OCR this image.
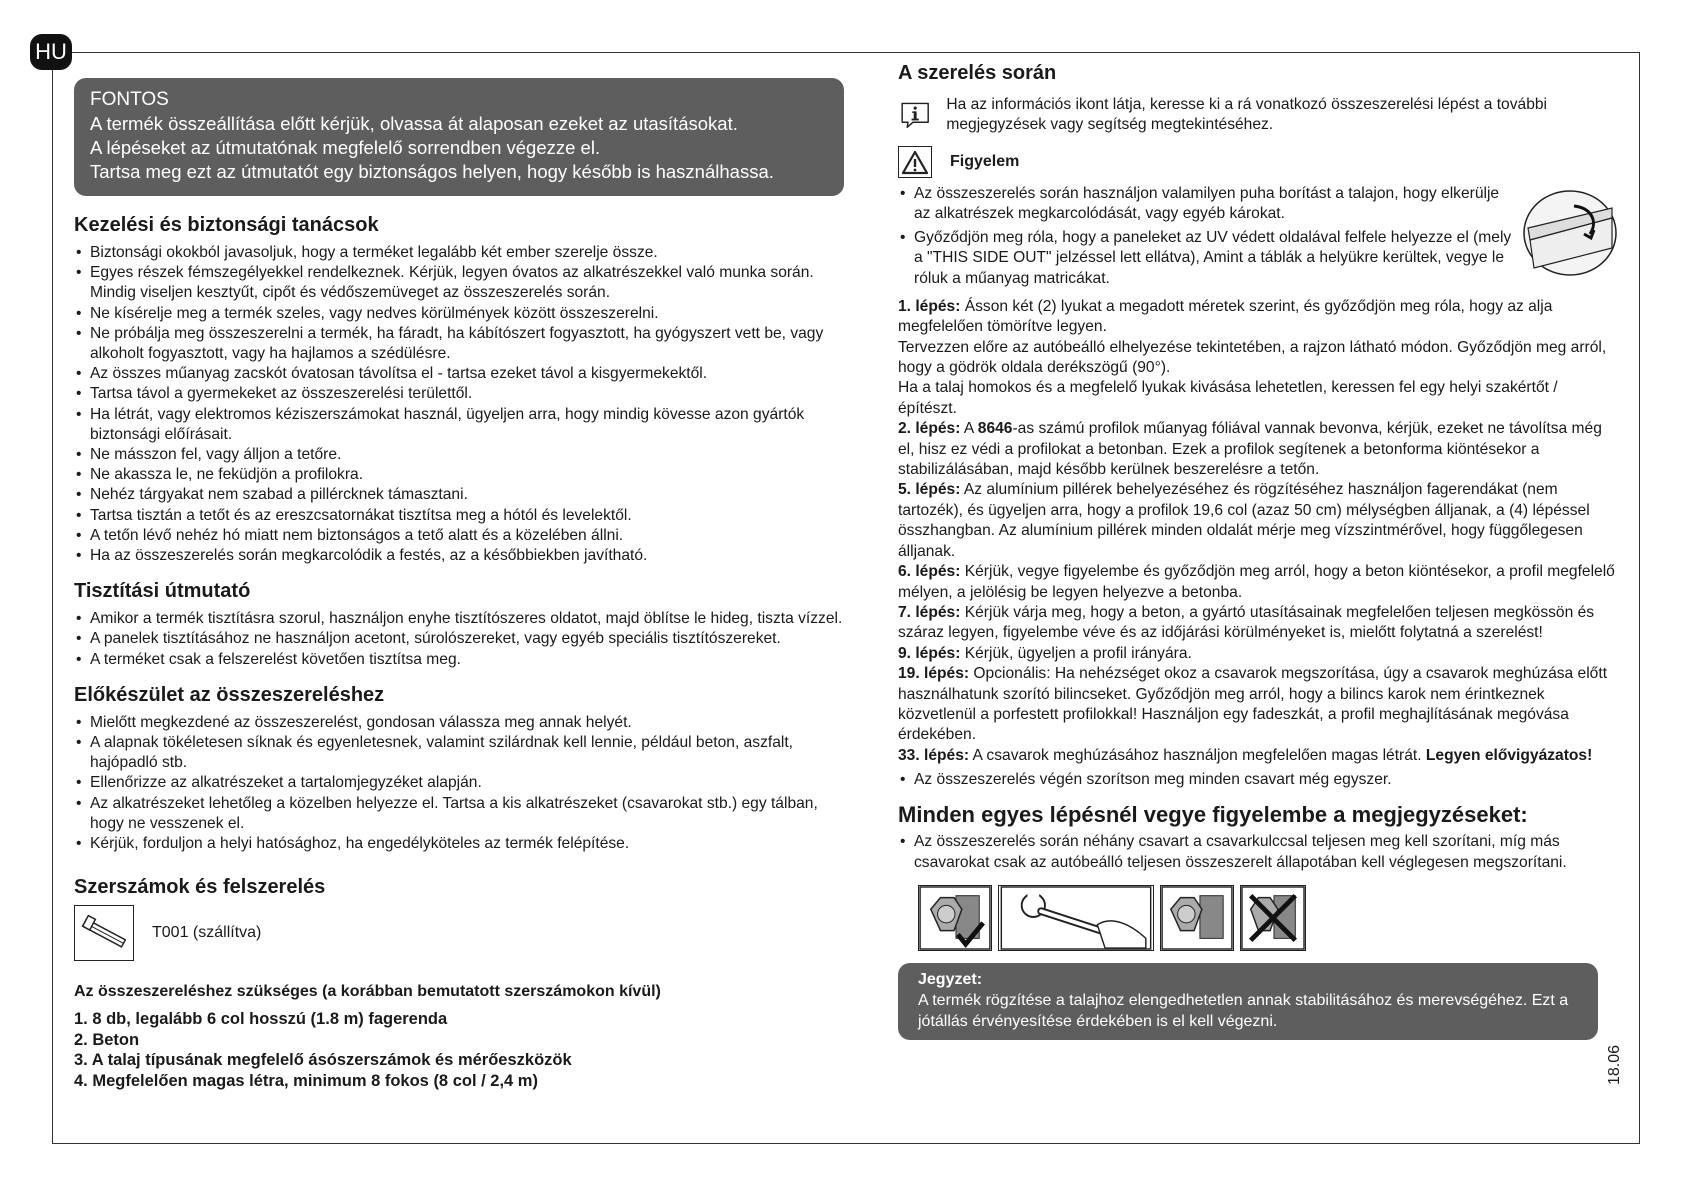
HU
FONTOS
A termék összeállítása előtt kérjük, olvassa át alaposan ezeket az utasításokat.
A lépéseket az útmutatónak megfelelő sorrendben végezze el.
Tartsa meg ezt az útmutatót egy biztonságos helyen, hogy később is használhassa.
Kezelési és biztonsági tanácsok
• Biztonsági okokból javasoljuk, hogy a terméket legalább két ember szerelje össze.
• Egyes részek fémszegélyekkel rendelkeznek. Kérjük, legyen óvatos az alkatrészekkel való munka során. Mindig viseljen kesztyűt, cipőt és védőszemüveget az összeszerelés során.
• Ne kísérelje meg a termék szeles, vagy nedves körülmények között összeszerelni.
• Ne próbálja meg összeszerelni a termék, ha fáradt, ha kábítószert fogyasztott, ha gyógyszert vett be, vagy alkoholt fogyasztott, vagy ha hajlamos a szédülésre.
• Az összes műanyag zacskót óvatosan távolítsa el - tartsa ezeket távol a kisgyermekektől.
• Tartsa távol a gyermekeket az összeszerelési területtől.
• Ha létrát, vagy elektromos kéziszerszámokat használ, ügyeljen arra, hogy mindig kövesse azon gyártók biztonsági előírásait.
• Ne másszon fel, vagy álljon a tetőre.
• Ne akassza le, ne feküdjön a profilokra.
• Nehéz tárgyakat nem szabad a pillércknek támasztani.
• Tartsa tisztán a tetőt és az ereszcsatornákat tisztítsa meg a hótól és levelektől.
• A tetőn lévő nehéz hó miatt nem biztonságos a tető alatt és a közelében állni.
• Ha az összeszerelés során megkarcolódik a festés, az a későbbiekben javítható.
Tisztítási útmutató
• Amikor a termék tisztításra szorul, használjon enyhe tisztítószeres oldatot, majd öblítse le hideg, tiszta vízzel.
• A panelek tisztításához ne használjon acetont, súrolószereket, vagy egyéb speciális tisztítószereket.
• A terméket csak a felszerelést követően tisztítsa meg.
Előkészület az összeszereléshez
• Mielőtt megkezdené az összeszerelést, gondosan válassza meg annak helyét.
• A alapnak tökéletesen síknak és egyenletesnek, valamint szilárdnak kell lennie, például beton, aszfalt, hajópadló stb.
• Ellenőrizze az alkatrészeket a tartalomjegyzéket alapján.
• Az alkatrészeket lehetőleg a közelben helyezze el. Tartsa a kis alkatrészeket (csavarokat stb.) egy tálban, hogy ne vesszenek el.
• Kérjük, forduljon a helyi hatósághoz, ha engedélyköteles az termék felépítése.
Szerszámok és felszerelés
T001 (szállítva)
Az összeszereléshez szükséges (a korábban bemutatott szerszámokon kívül)
1. 8 db, legalább 6 col hosszú (1.8 m) fagerenda
2. Beton
3. A talaj típusának megfelelő ásószerszámok és mérőeszközök
4. Megfelelően magas létra, minimum 8 fokos (8 col / 2,4 m)
A szerelés során
Ha az információs ikont látja, keresse ki a rá vonatkozó összeszerelési lépést a további megjegyzések vagy segítség megtekintéséhez.
Figyelem
• Az összeszerelés során használjon valamilyen puha borítást a talajon, hogy elkerülje az alkatrészek megkarcolódását, vagy egyéb károkat.
• Győződjön meg róla, hogy a paneleket az UV védett oldalával felfele helyezze el (mely a "THIS SIDE OUT" jelzéssel lett ellátva), Amint a táblák a helyükre kerültek, vegye le róluk a műanyag matricákat.

1. lépés: Ásson két (2) lyukat a megadott méretek szerint, és győződjön meg róla, hogy az alja megfelelően tömörítve legyen.

Tervezzen előre az autóbeálló elhelyezése tekintetében, a rajzon látható módon. Győződjön meg arról, hogy a gödrök oldala derékszögű (90°).

Ha a talaj homokos és a megfelelő lyukak kivásása lehetetlen, keressen fel egy helyi szakértőt / építészt.

2. lépés: A 8646-as számú profilok műanyag fóliával vannak bevonva, kérjük, ezeket ne távolítsa még el, hisz ez védi a profilokat a betonban. Ezek a profilok segítenek a betonforma kiöntésekor a stabilizálásában, majd később kerülnek beszerelésre a tetőn.

5. lépés: Az alumínium pillérek behelyezéséhez és rögzítéséhez használjon fagerendákat (nem tartozék), és ügyeljen arra, hogy a profilok 19,6 col (azaz 50 cm) mélységben álljanak, a (4) lépéssel összhangban. Az alumínium pillérek minden oldalát mérje meg vízszintmérővel, hogy függőlegesen álljanak.

6. lépés: Kérjük, vegye figyelembe és győződjön meg arról, hogy a beton kiöntésekor, a profil megfelelő mélyen, a jelölésig be legyen helyezve a betonba.

7. lépés: Kérjük várja meg, hogy a beton, a gyártó utasításainak megfelelően teljesen megkössön és száraz legyen, figyelembe véve és az időjárási körülményeket is, mielőtt folytatná a szerelést!

9. lépés: Kérjük, ügyeljen a profil irányára.

19. lépés: Opcionális: Ha nehézséget okoz a csavarok megszorítása, úgy a csavarok meghúzása előtt használhatunk szorító bilincseket. Győződjön meg arról, hogy a bilincs karok nem érintkeznek közvetlenül a porfestett profilokkal! Használjon egy fadeszkát, a profil meghajlításának megóvása érdekében.

33. lépés: A csavarok meghúzásához használjon megfelelően magas létrát. Legyen elővigyázatos!

• Az összeszerelés végén szorítson meg minden csavart még egyszer.
Minden egyes lépésnél vegye figyelembe a megjegyzéseket:
• Az összeszerelés során néhány csavart a csavarkulccsal teljesen meg kell szorítani, míg más csavarokat csak az autóbeálló teljesen összeszerelt állapotában kell véglegesen megszorítani.
Jegyzet:
A termék rögzítése a talajhoz elengedhetetlen annak stabilitásához és merevségéhez. Ezt a jótállás érvényesítése érdekében is el kell végezni.
18.06
